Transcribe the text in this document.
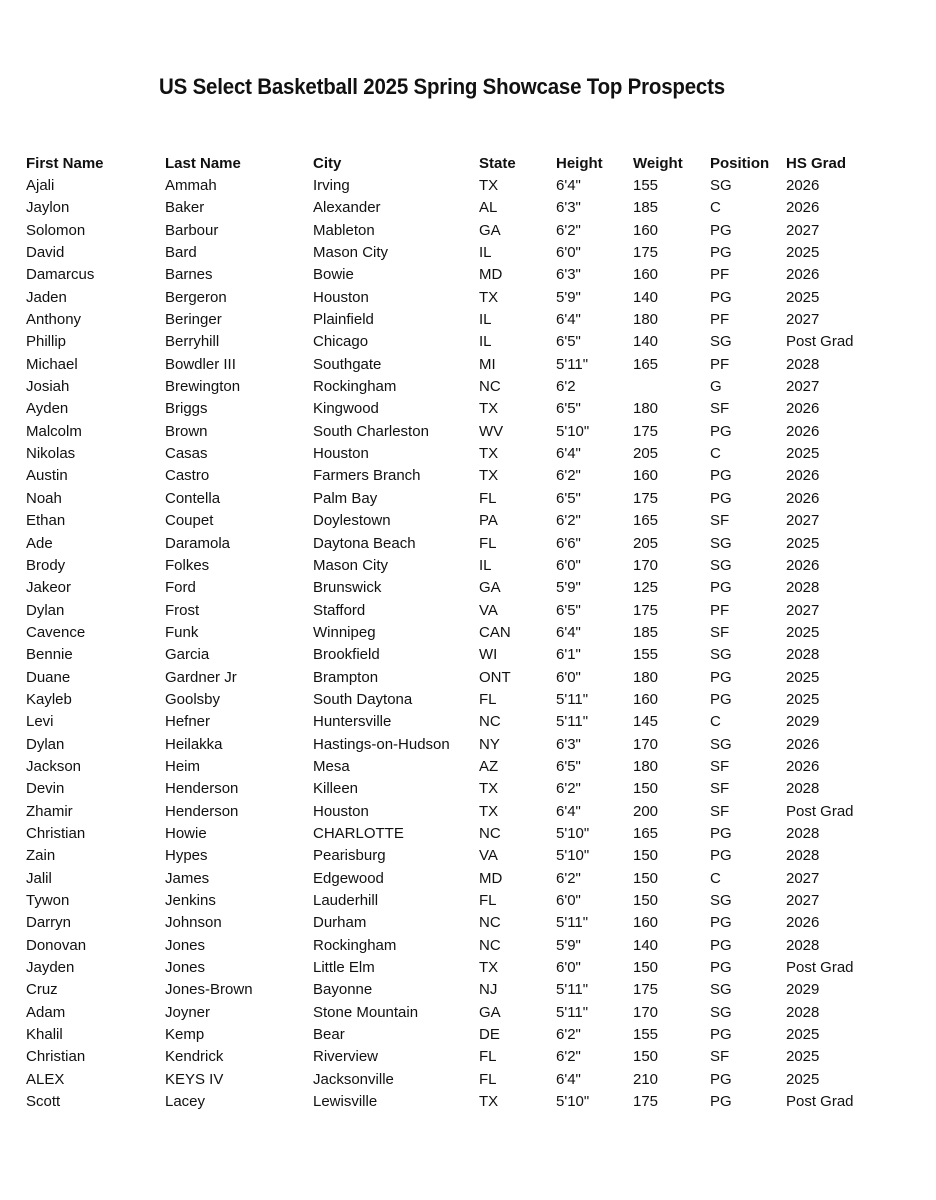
US Select Basketball 2025 Spring Showcase Top Prospects
First Name	Last Name	City	State	Height	Weight	Position	HS Grad
Ajali	Ammah	Irving	TX	6'4"	155	SG	2026
Jaylon	Baker	Alexander	AL	6'3"	185	C	2026
Solomon	Barbour	Mableton	GA	6'2"	160	PG	2027
David	Bard	Mason City	IL	6'0"	175	PG	2025
Damarcus	Barnes	Bowie	MD	6'3"	160	PF	2026
Jaden	Bergeron	Houston	TX	5'9"	140	PG	2025
Anthony	Beringer	Plainfield	IL	6'4"	180	PF	2027
Phillip	Berryhill	Chicago	IL	6'5"	140	SG	Post Grad
Michael	Bowdler III	Southgate	MI	5'11"	165	PF	2028
Josiah	Brewington	Rockingham	NC	6'2		G	2027
Ayden	Briggs	Kingwood	TX	6'5"	180	SF	2026
Malcolm	Brown	South Charleston	WV	5'10"	175	PG	2026
Nikolas	Casas	Houston	TX	6'4"	205	C	2025
Austin	Castro	Farmers Branch	TX	6'2"	160	PG	2026
Noah	Contella	Palm Bay	FL	6'5"	175	PG	2026
Ethan	Coupet	Doylestown	PA	6'2"	165	SF	2027
Ade	Daramola	Daytona Beach	FL	6'6"	205	SG	2025
Brody	Folkes	Mason City	IL	6'0"	170	SG	2026
Jakeor	Ford	Brunswick	GA	5'9"	125	PG	2028
Dylan	Frost	Stafford	VA	6'5"	175	PF	2027
Cavence	Funk	Winnipeg	CAN	6'4"	185	SF	2025
Bennie	Garcia	Brookfield	WI	6'1"	155	SG	2028
Duane	Gardner Jr	Brampton	ONT	6'0"	180	PG	2025
Kayleb	Goolsby	South Daytona	FL	5'11"	160	PG	2025
Levi	Hefner	Huntersville	NC	5'11"	145	C	2029
Dylan	Heilakka	Hastings-on-Hudson	NY	6'3"	170	SG	2026
Jackson	Heim	Mesa	AZ	6'5"	180	SF	2026
Devin	Henderson	Killeen	TX	6'2"	150	SF	2028
Zhamir	Henderson	Houston	TX	6'4"	200	SF	Post Grad
Christian	Howie	CHARLOTTE	NC	5'10"	165	PG	2028
Zain	Hypes	Pearisburg	VA	5'10"	150	PG	2028
Jalil	James	Edgewood	MD	6'2"	150	C	2027
Tywon	Jenkins	Lauderhill	FL	6'0"	150	SG	2027
Darryn	Johnson	Durham	NC	5'11"	160	PG	2026
Donovan	Jones	Rockingham	NC	5'9"	140	PG	2028
Jayden	Jones	Little Elm	TX	6'0"	150	PG	Post Grad
Cruz	Jones-Brown	Bayonne	NJ	5'11"	175	SG	2029
Adam	Joyner	Stone Mountain	GA	5'11"	170	SG	2028
Khalil	Kemp	Bear	DE	6'2"	155	PG	2025
Christian	Kendrick	Riverview	FL	6'2"	150	SF	2025
ALEX	KEYS IV	Jacksonville	FL	6'4"	210	PG	2025
Scott	Lacey	Lewisville	TX	5'10"	175	PG	Post Grad
